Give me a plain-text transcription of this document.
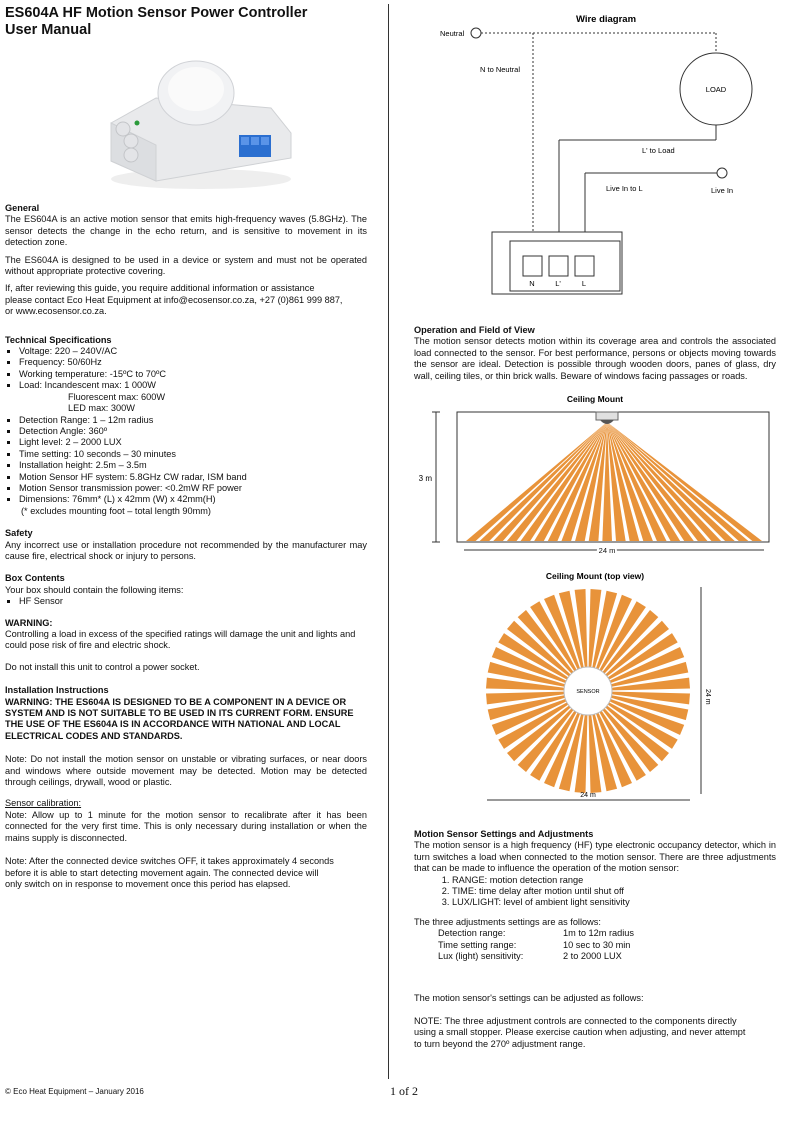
ES604A HF Motion Sensor Power Controller
User Manual

General

The ES604A is an active motion sensor that emits high-frequency waves (5.8GHz). The sensor detects the change in the echo return, and is sensitive to movement in its detection zone.

The ES604A is designed to be used in a device or system and must not be operated without appropriate protective covering.

If, after reviewing this guide, you require additional information or assistance

please contact Eco Heat Equipment at info@ecosensor.co.za, +27 (0)861 999 887,

or www.ecosensor.co.za.

Technical Specifications

▪ Voltage: 220 – 240V/AC
▪ Frequency: 50/60Hz
▪ Working temperature: -15ºC to 70ºC
▪ Load: Incandescent max: 1 000W
Fluorescent max: 600W
LED max: 300W
▪ Detection Range: 1 – 12m radius
▪ Detection Angle: 360º
▪ Light level: 2 – 2000 LUX
▪ Time setting: 10 seconds – 30 minutes
▪ Installation height: 2.5m – 3.5m
▪ Motion Sensor HF system: 5.8GHz CW radar, ISM band
▪ Motion Sensor transmission power: <0.2mW RF power
▪ Dimensions: 76mm* (L) x 42mm (W) x 42mm(H)
(* excludes mounting foot – total length 90mm)

Safety

Any incorrect use or installation procedure not recommended by the manufacturer may cause fire, electrical shock or injury to persons.

Box Contents

Your box should contain the following items:

▪ HF Sensor

WARNING:

Controlling a load in excess of the specified ratings will damage the unit and lights and could pose risk of fire and electric shock.

Do not install this unit to control a power socket.

Installation Instructions

WARNING: THE ES604A IS DESIGNED TO BE A COMPONENT IN A DEVICE OR SYSTEM AND IS NOT SUITABLE TO BE USED IN ITS CURRENT FORM. ENSURE THE USE OF THE ES604A IS IN ACCORDANCE WITH NATIONAL AND LOCAL ELECTRICAL CODES AND STANDARDS.

Note: Do not install the motion sensor on unstable or vibrating surfaces, or near doors and windows where outside movement may be detected. Motion may be detected through ceilings, drywall, wood or plastic.

Sensor calibration:

Note: Allow up to 1 minute for the motion sensor to recalibrate after it has been connected for the very first time. This is only necessary during installation or when the mains supply is disconnected.

Note: After the connected device switches OFF, it takes approximately 4 seconds

before it is able to start detecting movement again. The connected device will

only switch on in response to movement once this period has elapsed.

Wire diagram
Neutral
N to Neutral
LOAD
L' to Load
Live In to L	Live In
N	L'	L

Operation and Field of View

The motion sensor detects motion within its coverage area and controls the associated load connected to the sensor. For best performance, persons or objects moving towards the sensor are ideal. Detection is possible through wooden doors, panes of glass, dry wall, ceiling tiles, or thin brick walls. Beware of windows facing passages or roads.

Ceiling Mount
3 m
24 m
Ceiling Mount (top view)
SENSOR	24 m
24 m

Motion Sensor Settings and Adjustments

The motion sensor is a high frequency (HF) type electronic occupancy detector, which in turn switches a load when connected to the motion sensor. There are three adjustments that can be made to influence the operation of the motion sensor:

1. RANGE: motion detection range
2. TIME: time delay after motion until shut off
3. LUX/LIGHT: level of ambient light sensitivity

The three adjustments settings are as follows:

Detection range:	1m to 12m radius
Time setting range:	10 sec to 30 min
Lux (light) sensitivity:	2 to 2000 LUX

The motion sensor's settings can be adjusted as follows:

NOTE: The three adjustment controls are connected to the components directly

using a small stopper. Please exercise caution when adjusting, and never attempt

to turn beyond the 270º adjustment range.

© Eco Heat Equipment – January 2016	1 of 2
